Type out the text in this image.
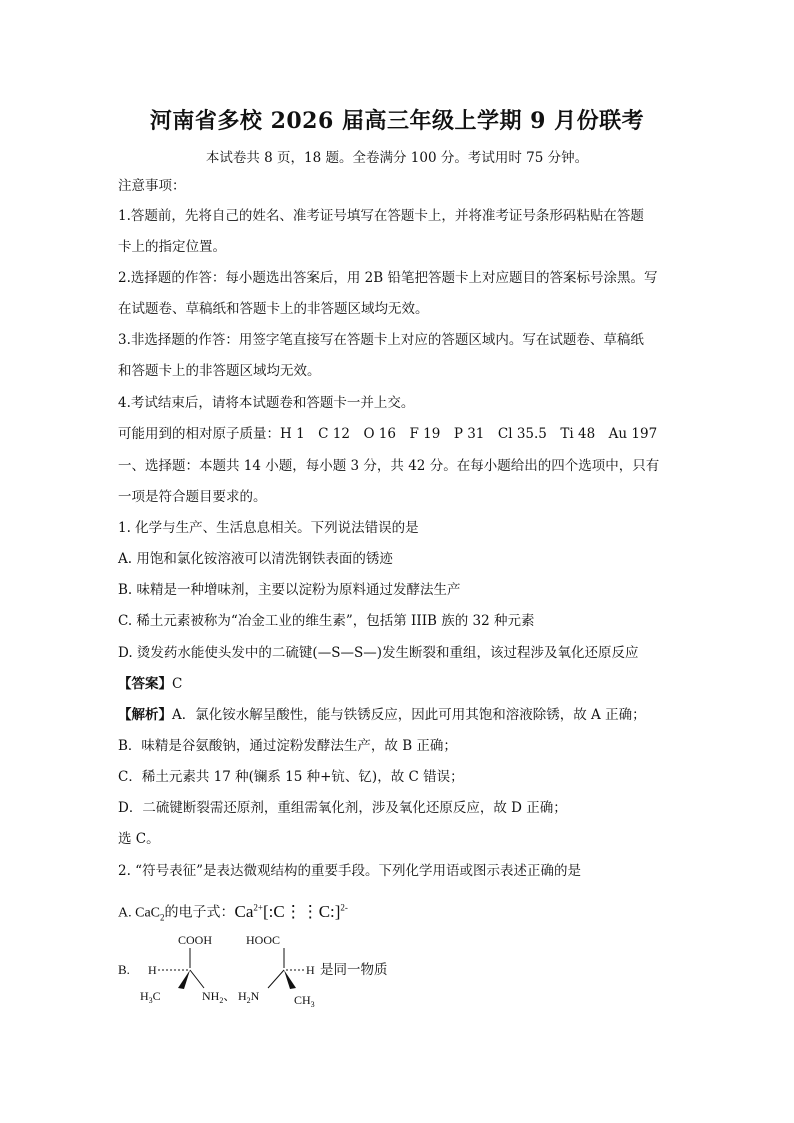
河南省多校 2026 届高三年级上学期 9 月份联考
本试卷共 8 页，18 题。全卷满分 100 分。考试用时 75 分钟。
注意事项：
1.答题前，先将自己的姓名、准考证号填写在答题卡上，并将准考证号条形码粘贴在答题
卡上的指定位置。
2.选择题的作答：每小题选出答案后，用 2B 铅笔把答题卡上对应题目的答案标号涂黑。写
在试题卷、草稿纸和答题卡上的非答题区域均无效。
3.非选择题的作答：用签字笔直接写在答题卡上对应的答题区域内。写在试题卷、草稿纸
和答题卡上的非答题区域均无效。
4.考试结束后，请将本试题卷和答题卡一并上交。
可能用到的相对原子质量：H 1　C 12　O 16　F 19　P 31　Cl 35.5　Ti 48　Au 197
一、选择题：本题共 14 小题，每小题 3 分，共 42 分。在每小题给出的四个选项中，只有
一项是符合题目要求的。
1. 化学与生产、生活息息相关。下列说法错误的是
A. 用饱和氯化铵溶液可以清洗钢铁表面的锈迹
B. 味精是一种增味剂，主要以淀粉为原料通过发酵法生产
C. 稀土元素被称为“冶金工业的维生素”，包括第 IIIB 族的 32 种元素
D. 烫发药水能使头发中的二硫键(—S—S—)发生断裂和重组，该过程涉及氧化还原反应
【答案】C
【解析】A．氯化铵水解呈酸性，能与铁锈反应，因此可用其饱和溶液除锈，故 A 正确；
B．味精是谷氨酸钠，通过淀粉发酵法生产，故 B 正确；
C．稀土元素共 17 种(镧系 15 种+钪、钇)，故 C 错误；
D．二硫键断裂需还原剂，重组需氧化剂，涉及氧化还原反应，故 D 正确；
选 C。
2. “符号表征”是表达微观结构的重要手段。下列化学用语或图示表述正确的是
A. CaC$_2$的电子式：$Ca^{2+}[:C⋮⋮C:]^{2-}$
B.
COOH
H
$H_3C$	$NH_2$、
HOOC
H
$H_2N$	$CH_3$
是同一物质
